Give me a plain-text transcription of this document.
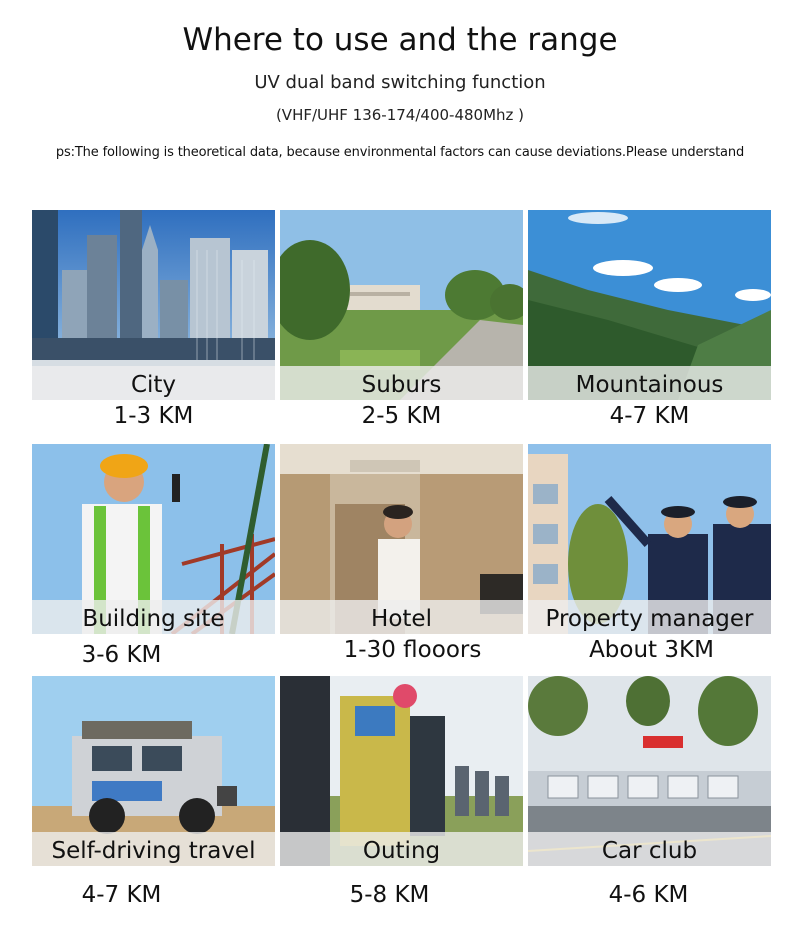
Where to use and the range
UV dual band switching function
(VHF/UHF 136-174/400-480Mhz )
ps:The following is theoretical data, because environmental factors can cause deviations.Please understand
City
1-3 KM
Suburs
2-5 KM
Mountainous
4-7 KM
Building site
3-6 KM
Hotel
1-30 flooors
Property manager
About 3KM
Self-driving travel
4-7 KM
Outing
5-8 KM
Car club
4-6 KM
